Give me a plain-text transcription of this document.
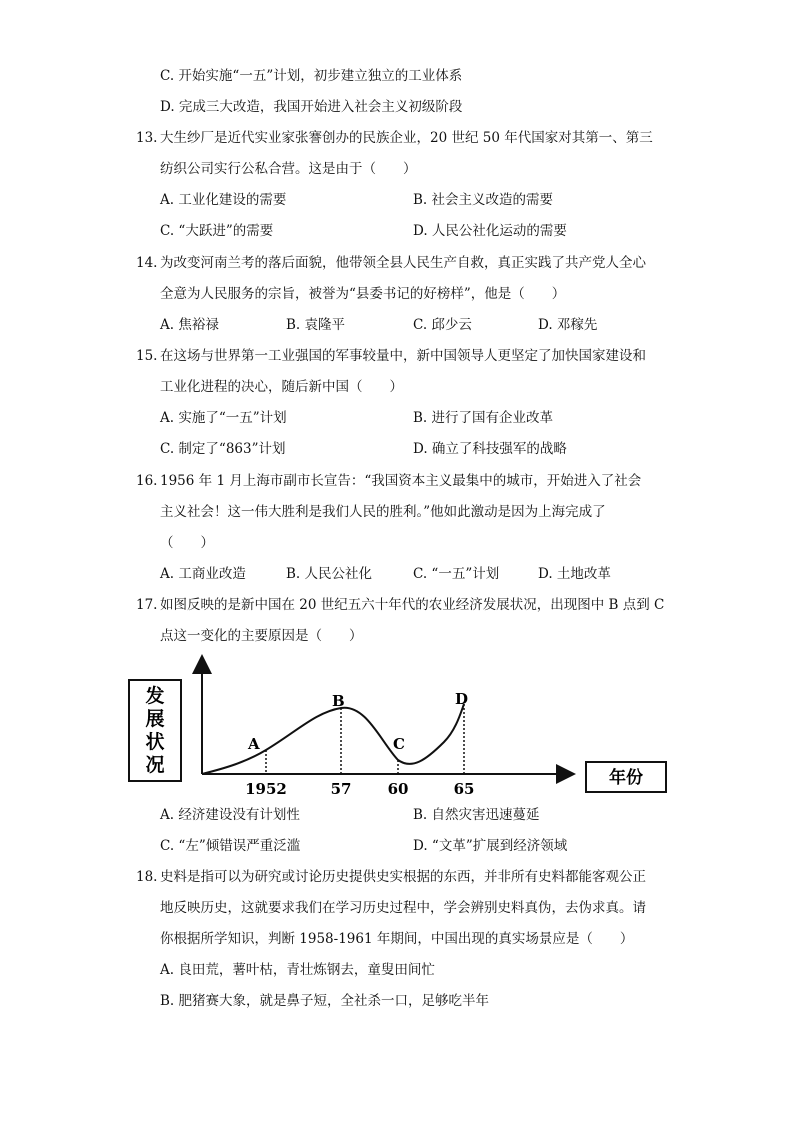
C. 开始实施“一五”计划，初步建立独立的工业体系
D. 完成三大改造，我国开始进入社会主义初级阶段
13. 大生纱厂是近代实业家张謇创办的民族企业，20 世纪 50 年代国家对其第一、第三
纺织公司实行公私合营。这是由于（　　）
A. 工业化建设的需要	B. 社会主义改造的需要
C. “大跃进”的需要	D. 人民公社化运动的需要
14. 为改变河南兰考的落后面貌，他带领全县人民生产自救，真正实践了共产党人全心
全意为人民服务的宗旨，被誉为“县委书记的好榜样”，他是（　　）
A. 焦裕禄	B. 袁隆平	C. 邱少云	D. 邓稼先
15. 在这场与世界第一工业强国的军事较量中，新中国领导人更坚定了加快国家建设和
工业化进程的决心，随后新中国（　　）
A. 实施了“一五”计划	B. 进行了国有企业改革
C. 制定了“863”计划	D. 确立了科技强军的战略
16. 1956 年 1 月上海市副市长宣告：“我国资本主义最集中的城市，开始进入了社会
主义社会！这一伟大胜利是我们人民的胜利。”他如此激动是因为上海完成了
（　　）
A. 工商业改造	B. 人民公社化	C. “一五”计划	D. 土地改革
17. 如图反映的是新中国在 20 世纪五六十年代的农业经济发展状况，出现图中 B 点到 C
点这一变化的主要原因是（　　）
发
展
状
况
A
B
C
D
1952	57 60	65
年份
A. 经济建设没有计划性	B. 自然灾害迅速蔓延
C. “左”倾错误严重泛滥	D. “文革”扩展到经济领域
18. 史料是指可以为研究或讨论历史提供史实根据的东西，并非所有史料都能客观公正
地反映历史，这就要求我们在学习历史过程中，学会辨别史料真伪，去伪求真。请
你根据所学知识，判断 1958-1961 年期间，中国出现的真实场景应是（　　）
A. 良田荒，薯叶枯，青壮炼钢去，童叟田间忙
B. 肥猪赛大象，就是鼻子短，全社杀一口，足够吃半年
